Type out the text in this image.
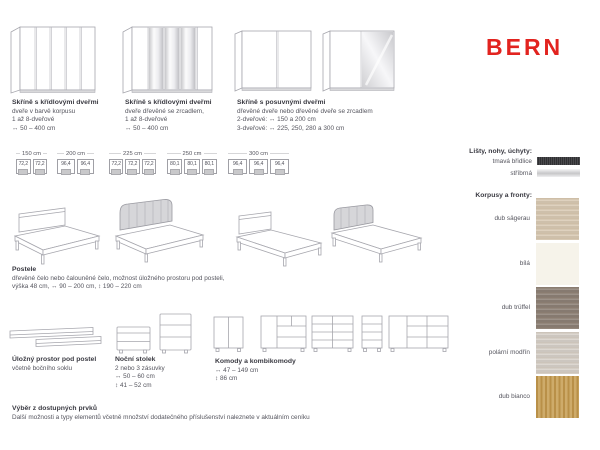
BERN
Skříně s křídlovými dveřmi
dveře v barvě korpusu
1 až 8-dveřové
↔ 50 – 400 cm
Skříně s křídlovými dveřmi
dveře dřevěné se zrcadlem,
1 až 8-dveřové
↔ 50 – 400 cm
Skříně s posuvnými dveřmi
dřevěné dveře nebo dřevěné dveře se zrcadlem
2-dveřové: ↔ 150 a 200 cm
3-dveřové: ↔ 225, 250, 280 a 300 cm
150 cm
72,2	72,2
200 cm
96,4	96,4
225 cm
72,2 72,2 72,2
250 cm
80,1	80,1	80,1
300 cm
96,4	96,4	96,4
Lišty, nohy, úchyty:
tmavá břidlice
stříbrná
Korpusy a fronty:
dub sägerau
bílá
dub trüffel
polární modřín
dub bianco
Postele
dřevěné čelo nebo čalouněné čelo, možnost úložného prostoru pod posteli,
výška 48 cm, ↔ 90 – 200 cm, ↕ 190 – 220 cm
Úložný prostor pod postel
včetně bočního soklu
Noční stolek
2 nebo 3 zásuvky
↔ 50 – 60 cm
↕ 41 – 52 cm
Komody a kombikomody
↔ 47 – 149 cm
↕ 86 cm
Výběr z dostupných prvků
Další možnosti a typy elementů včetně množství dodatečného příslušenství naleznete v aktuálním ceníku
